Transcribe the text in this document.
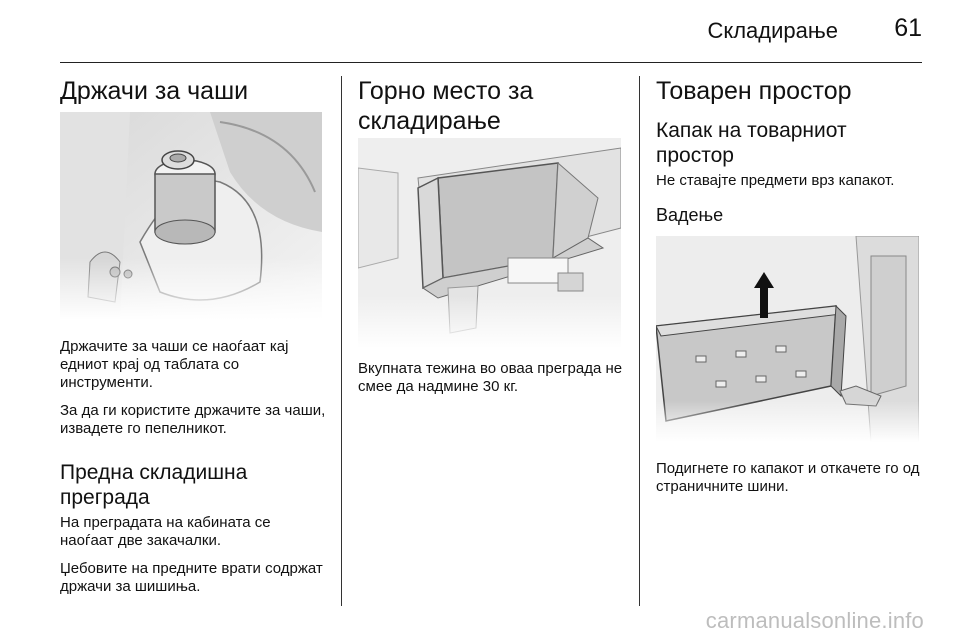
Складирање 61
Држачи за чаши

Држачите за чаши се наоѓаат кај едниот крај од таблата со инструменти.

За да ги користите држачите за чаши, извадете го пепелникот.

Предна складишна преграда

На преградата на кабината се наоѓаат две закачалки.

Џебовите на предните врати содржат држачи за шишиња.

Горно место за складирање

Вкупната тежина во оваа преграда не смее да надмине 30 кг.

Товарен простор
Капак на товарниот простор

Не ставајте предмети врз капакот.

Вадење

Подигнете го капакот и откачете го од страничните шини.

carmanualsonline.info
